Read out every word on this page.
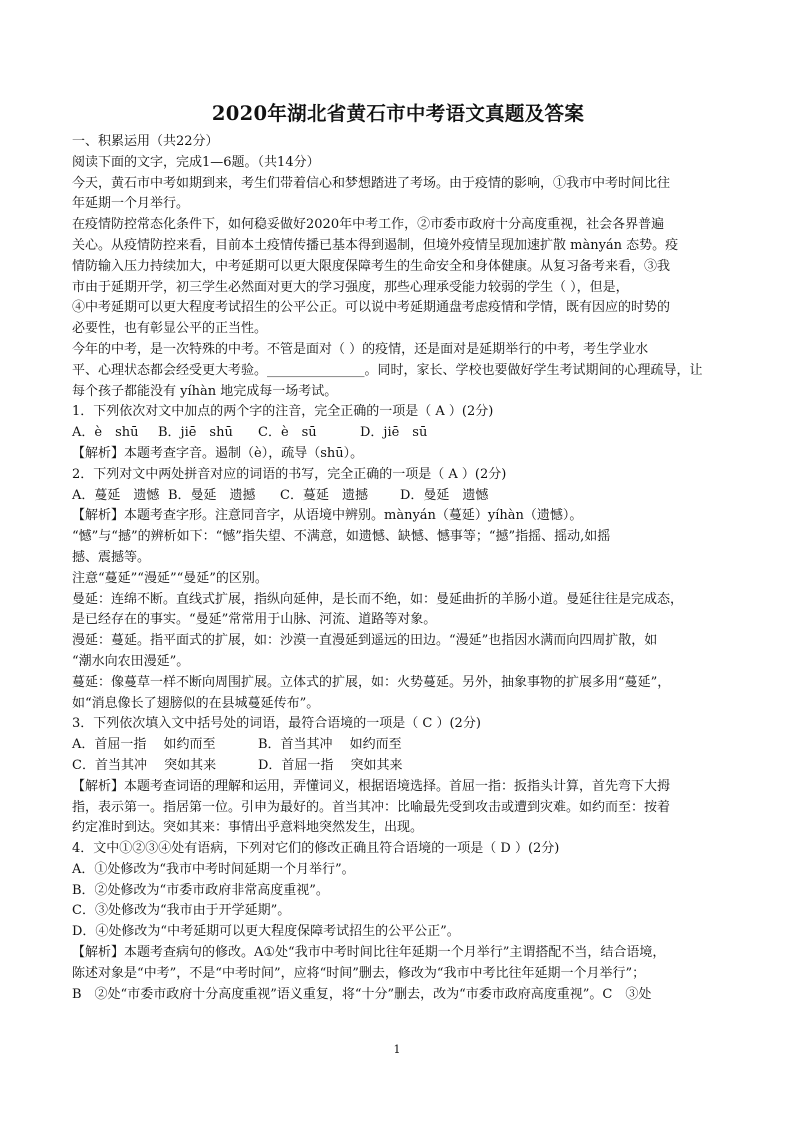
2020年湖北省黄石市中考语文真题及答案
一、积累运用（共22分）
阅读下面的文字，完成1—6题。（共14分）
今天，黄石市中考如期到来，考生们带着信心和梦想踏进了考场。由于疫情的影响，①我市中考时间比往
年延期一个月举行。
在疫情防控常态化条件下，如何稳妥做好2020年中考工作，②市委市政府十分高度重视，社会各界普遍
关心。从疫情防控来看，目前本土疫情传播已基本得到遏制，但境外疫情呈现加速扩散 mànyán 态势。疫
情防输入压力持续加大，中考延期可以更大限度保障考生的生命安全和身体健康。从复习备考来看，③我
市由于延期开学，初三学生必然面对更大的学习强度，那些心理承受能力较弱的学生（ ），但是，
④中考延期可以更大程度考试招生的公平公正。可以说中考延期通盘考虑疫情和学情，既有因应的时势的
必要性，也有彰显公平的正当性。
今年的中考，是一次特殊的中考。不管是面对（ ）的疫情，还是面对是延期举行的中考，考生学业水
平、心理状态都会经受更大考验。_______________。同时，家长、学校也要做好学生考试期间的心理疏导，让
每个孩子都能没有 yíhàn 地完成每一场考试。
1．下列依次对文中加点的两个字的注音，完全正确的一项是（ A ）(2分)
A．è　shū B．jiē　shū C．è　sū	D．jiē　sū
【解析】本题考查字音。遏制（è），疏导（shū）。
2．下列对文中两处拼音对应的词语的书写，完全正确的一项是（ A ）(2分)
A．蔓延　遗憾 B．曼延　遗撼 C．蔓延　遗撼 D．曼延　遗憾
【解析】本题考查字形。注意同音字，从语境中辨别。mànyán（蔓延）yíhàn（遗憾）。
“憾”与“撼”的辨析如下：“憾”指失望、不满意，如遗憾、缺憾、憾事等；“撼”指摇、摇动,如摇
撼、震撼等。
注意“蔓延”“漫延”“曼延”的区别。
曼延：连绵不断。直线式扩展，指纵向延伸，是长而不绝，如：曼延曲折的羊肠小道。曼延往往是完成态，
是已经存在的事实。“曼延”常常用于山脉、河流、道路等对象。
漫延：蔓延。指平面式的扩展，如：沙漠一直漫延到遥远的田边。“漫延”也指因水满而向四周扩散，如
“潮水向农田漫延”。
蔓延：像蔓草一样不断向周围扩展。立体式的扩展，如：火势蔓延。另外，抽象事物的扩展多用“蔓延”，
如“消息像长了翅膀似的在县城蔓延传布”。
3．下列依次填入文中括号处的词语，最符合语境的一项是（ C ）(2分)
A．首屈一指　 如约而至	B．首当其冲　 如约而至
C．首当其冲　 突如其来	D．首屈一指　 突如其来
【解析】本题考查词语的理解和运用，弄懂词义，根据语境选择。首屈一指：扳指头计算，首先弯下大拇
指，表示第一。指居第一位。引申为最好的。首当其冲：比喻最先受到攻击或遭到灾难。如约而至：按着
约定准时到达。突如其来：事情出乎意料地突然发生，出现。
4．文中①②③④处有语病，下列对它们的修改正确且符合语境的一项是（ D ）(2分)
A．①处修改为“我市中考时间延期一个月举行”。
B．②处修改为“市委市政府非常高度重视”。
C．③处修改为“我市由于开学延期”。
D．④处修改为“中考延期可以更大程度保障考试招生的公平公正”。
【解析】本题考查病句的修改。A①处“我市中考时间比往年延期一个月举行”主谓搭配不当，结合语境，
陈述对象是“中考”，不是“中考时间”，应将“时间”删去，修改为“我市中考比往年延期一个月举行”；
B　②处“市委市政府十分高度重视”语义重复，将“十分”删去，改为“市委市政府高度重视”。C　③处
1
